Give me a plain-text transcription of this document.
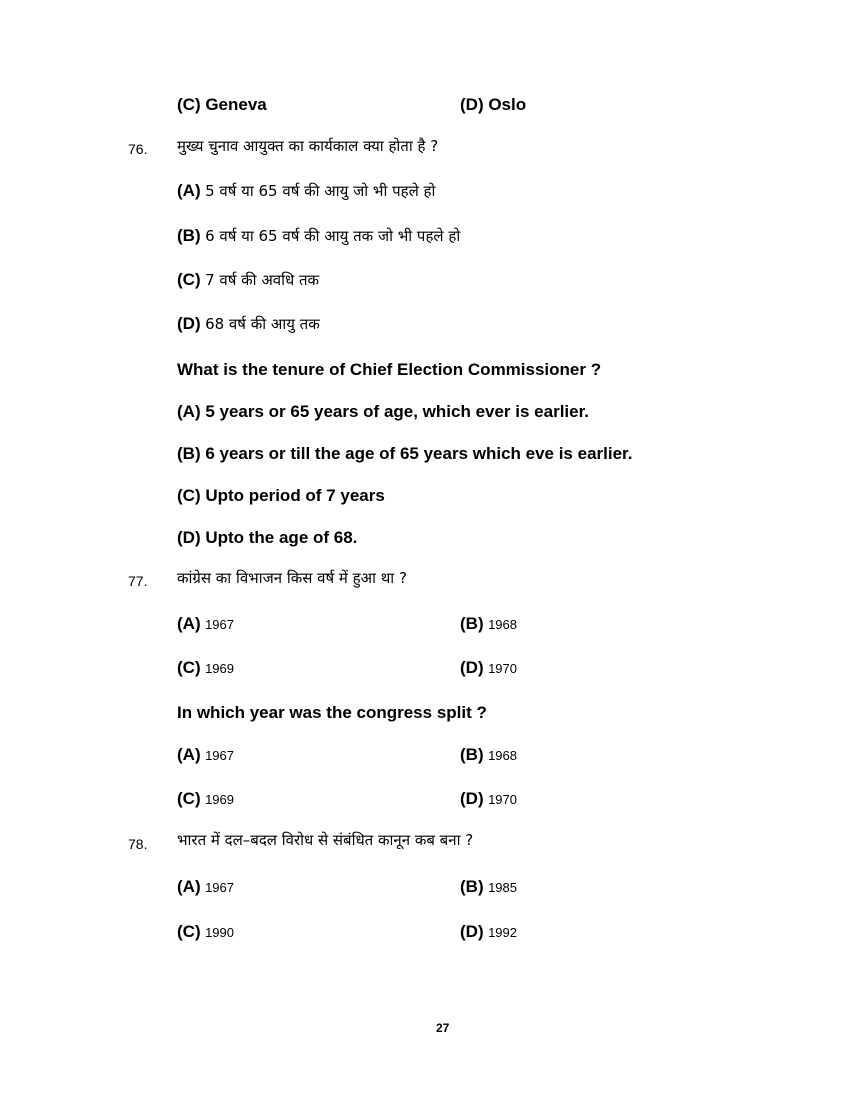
(C) Geneva	(D) Oslo
76. मुख्य चुनाव आयुक्त का कार्यकाल क्या होता है ?
(A) 5 वर्ष या 65 वर्ष की आयु जो भी पहले हो
(B) 6 वर्ष या 65 वर्ष की आयु तक जो भी पहले हो
(C) 7 वर्ष की अवधि तक
(D) 68 वर्ष की आयु तक
What is the tenure of Chief Election Commissioner ?
(A) 5 years or 65 years of age, which ever is earlier.
(B) 6 years or till the age of 65 years which eve is earlier.
(C) Upto period of 7 years
(D) Upto the age of 68.
77. कांग्रेस का विभाजन किस वर्ष में हुआ था ?
(A) 1967	(B) 1968
(C) 1969	(D) 1970
In which year was the congress split ?
(A) 1967	(B) 1968
(C) 1969	(D) 1970
78. भारत में दल–बदल विरोध से संबंधित कानून कब बना ?
(A) 1967	(B) 1985
(C) 1990	(D) 1992
27
